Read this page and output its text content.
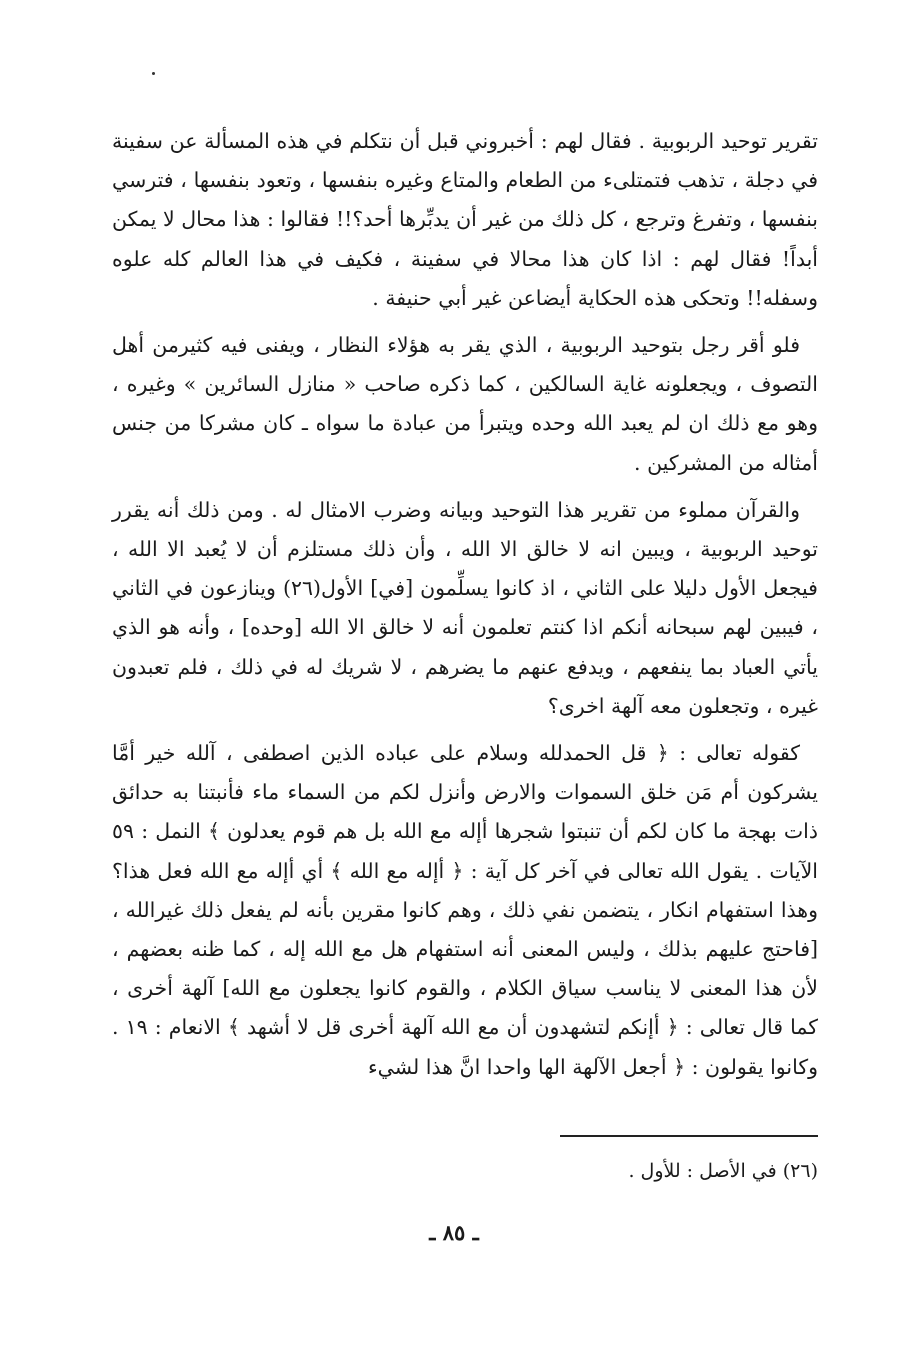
تقرير توحيد الربوبية . فقال لهم : أخبروني قبل أن نتكلم في هذه المسألة عن سفينة في دجلة ، تذهب فتمتلىء من الطعام والمتاع وغيره بنفسها ، وتعود بنفسها ، فترسي بنفسها ، وتفرغ وترجع ، كل ذلك من غير أن يدبِّرها أحد؟!! فقالوا : هذا محال لا يمكن أبداً! فقال لهم : اذا كان هذا محالا في سفينة ، فكيف في هذا العالم كله علوه وسفله!! وتحكى هذه الحكاية أيضاعن غير أبي حنيفة .

فلو أقر رجل بتوحيد الربوبية ، الذي يقر به هؤلاء النظار ، ويفنى فيه كثيرمن أهل التصوف ، ويجعلونه غاية السالكين ، كما ذكره صاحب « منازل السائرين » وغيره ، وهو مع ذلك ان لم يعبد الله وحده ويتبرأ من عبادة ما سواه ـ كان مشركا من جنس أمثاله من المشركين .

والقرآن مملوء من تقرير هذا التوحيد وبيانه وضرب الامثال له . ومن ذلك أنه يقرر توحيد الربوبية ، ويبين انه لا خالق الا الله ، وأن ذلك مستلزم أن لا يُعبد الا الله ، فيجعل الأول دليلا على الثاني ، اذ كانوا يسلِّمون [في] الأول(٢٦) وينازعون في الثاني ، فيبين لهم سبحانه أنكم اذا كنتم تعلمون أنه لا خالق الا الله [وحده] ، وأنه هو الذي يأتي العباد بما ينفعهم ، ويدفع عنهم ما يضرهم ، لا شريك له في ذلك ، فلم تعبدون غيره ، وتجعلون معه آلهة اخرى؟

كقوله تعالى : ﴿ قل الحمدلله وسلام على عباده الذين اصطفى ، آلله خير أمَّا يشركون أم مَن خلق السموات والارض وأنزل لكم من السماء ماء فأنبتنا به حدائق ذات بهجة ما كان لكم أن تنبتوا شجرها أإله مع الله بل هم قوم يعدلون ﴾ النمل : ٥٩ الآيات . يقول الله تعالى في آخر كل آية : ﴿ أإله مع الله ﴾ أي أإله مع الله فعل هذا؟ وهذا استفهام انكار ، يتضمن نفي ذلك ، وهم كانوا مقرين بأنه لم يفعل ذلك غيرالله ، [فاحتج عليهم بذلك ، وليس المعنى أنه استفهام هل مع الله إله ، كما ظنه بعضهم ، لأن هذا المعنى لا يناسب سياق الكلام ، والقوم كانوا يجعلون مع الله] آلهة أخرى ، كما قال تعالى : ﴿ أإنكم لتشهدون أن مع الله آلهة أخرى قل لا أشهد ﴾ الانعام : ١٩ . وكانوا يقولون : ﴿ أجعل الآلهة الها واحدا انَّ هذا لشيء

(٢٦) في الأصل : للأول .
ـ ٨٥ ـ
